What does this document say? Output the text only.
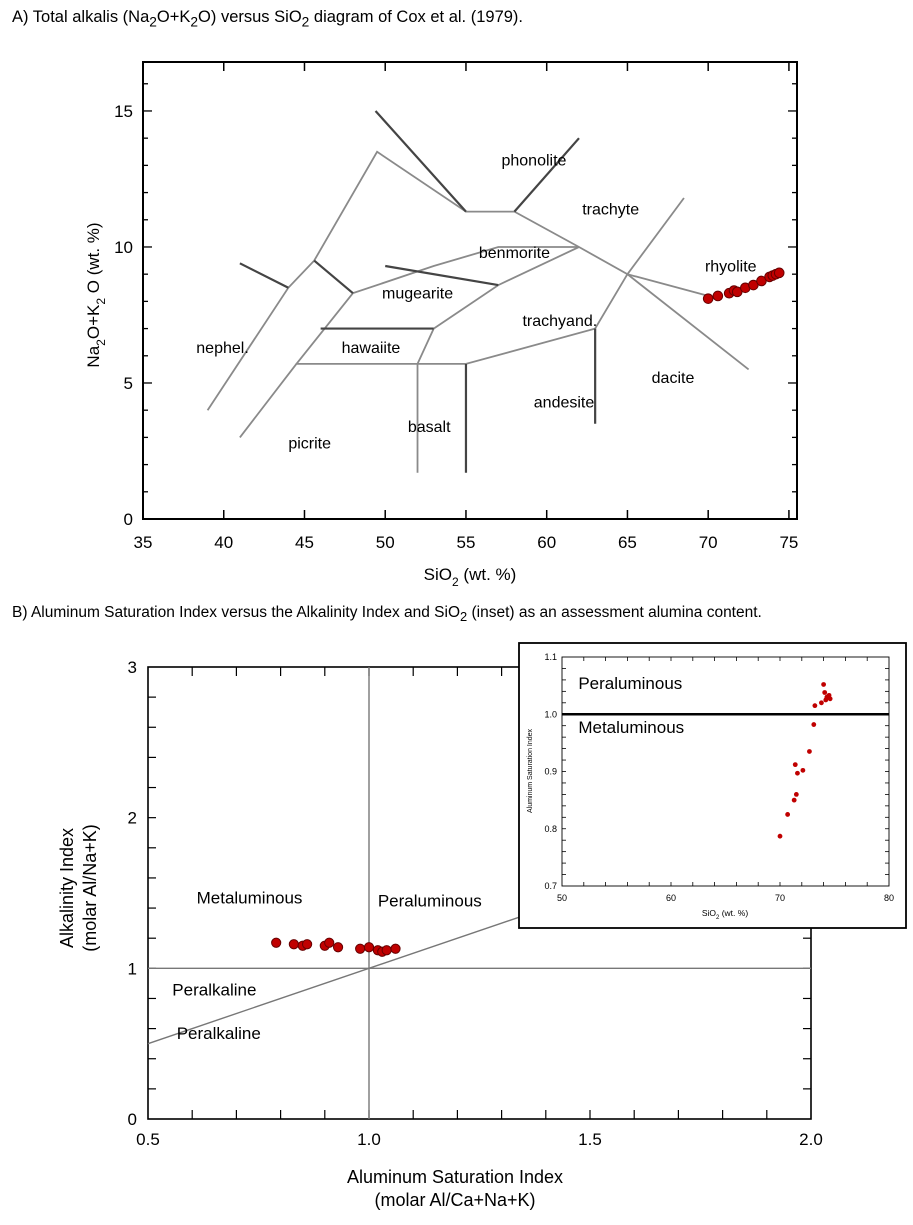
A) Total alkalis $(Na_2O+K_2O)$ versus SiO$_2$ diagram of Cox et al. (1979).
B) Aluminum Saturation Index versus the Alkalinity Index and SiO$_2$ (inset) as an assessment alumina content.
35	40	45	50	55	60	65	70	75
0
5
10
15
phonolite
trachyte
benmorite
rhyolite
mugearite
trachyand.
hawaiite
nephel.
dacite
andesite
basalt
picrite
SiO$_2$ (wt. %)
$Na_2O+K_2$ O (wt. %)
0.5	1.0	1.5	2.0
0
1
2
3
Metaluminous	Peraluminous
Peralkaline
Peralkaline
Aluminum Saturation Index
(molar Al/Ca+Na+K)
Alkalinity Index (molar Al/Na+K)	50	60	70	80
0.7
0.8
0.9
1.0
1.1
Peraluminous
Metaluminous
SiO$_2$ (wt. %)
Aluminum Saturation Index
